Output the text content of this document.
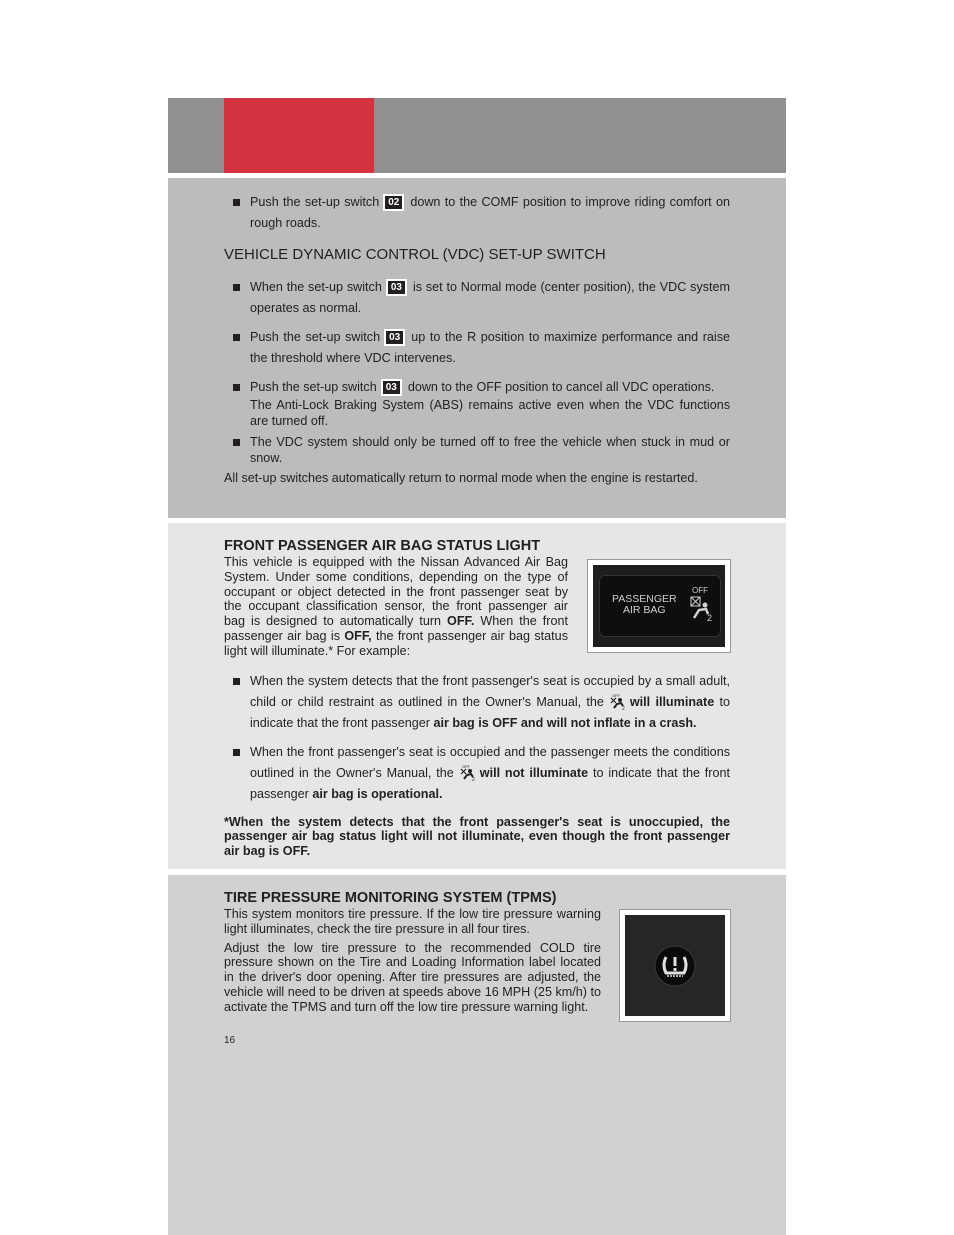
Push the set-up switch 02 down to the COMF position to improve riding comfort on rough roads.
VEHICLE DYNAMIC CONTROL (VDC) SET-UP SWITCH
When the set-up switch 03 is set to Normal mode (center position), the VDC system operates as normal.
Push the set-up switch 03 up to the R position to maximize performance and raise the threshold where VDC intervenes.
Push the set-up switch 03 down to the OFF position to cancel all VDC operations.
The Anti-Lock Braking System (ABS) remains active even when the VDC functions are turned off.
The VDC system should only be turned off to free the vehicle when stuck in mud or snow.

All set-up switches automatically return to normal mode when the engine is restarted.

FRONT PASSENGER AIR BAG STATUS LIGHT

This vehicle is equipped with the Nissan Advanced Air Bag System. Under some conditions, depending on the type of occupant or object detected in the front passenger seat by the occupant classification sensor, the front passenger air bag is designed to automatically turn OFF. When the front passenger air bag is OFF, the front passenger air bag status light will illuminate.* For example:

When the system detects that the front passenger's seat is occupied by a small adult, child or child restraint as outlined in the Owner's Manual, the OFF
2 will illuminate to indicate that the front passenger air bag is OFF and will not inflate in a crash.
When the front passenger's seat is occupied and the passenger meets the conditions outlined in the Owner's Manual, the OFF
2 will not illuminate to indicate that the front passenger air bag is operational.

*When the system detects that the front passenger's seat is unoccupied, the passenger air bag status light will not illuminate, even though the front passenger air bag is OFF.

PASSENGER
AIR BAG
OFF
2
TIRE PRESSURE MONITORING SYSTEM (TPMS)

This system monitors tire pressure. If the low tire pressure warning light illuminates, check the tire pressure in all four tires.

Adjust the low tire pressure to the recommended COLD tire pressure shown on the Tire and Loading Information label located in the driver's door opening. After tire pressures are adjusted, the vehicle will need to be driven at speeds above 16 MPH (25 km/h) to activate the TPMS and turn off the low tire pressure warning light.

16
